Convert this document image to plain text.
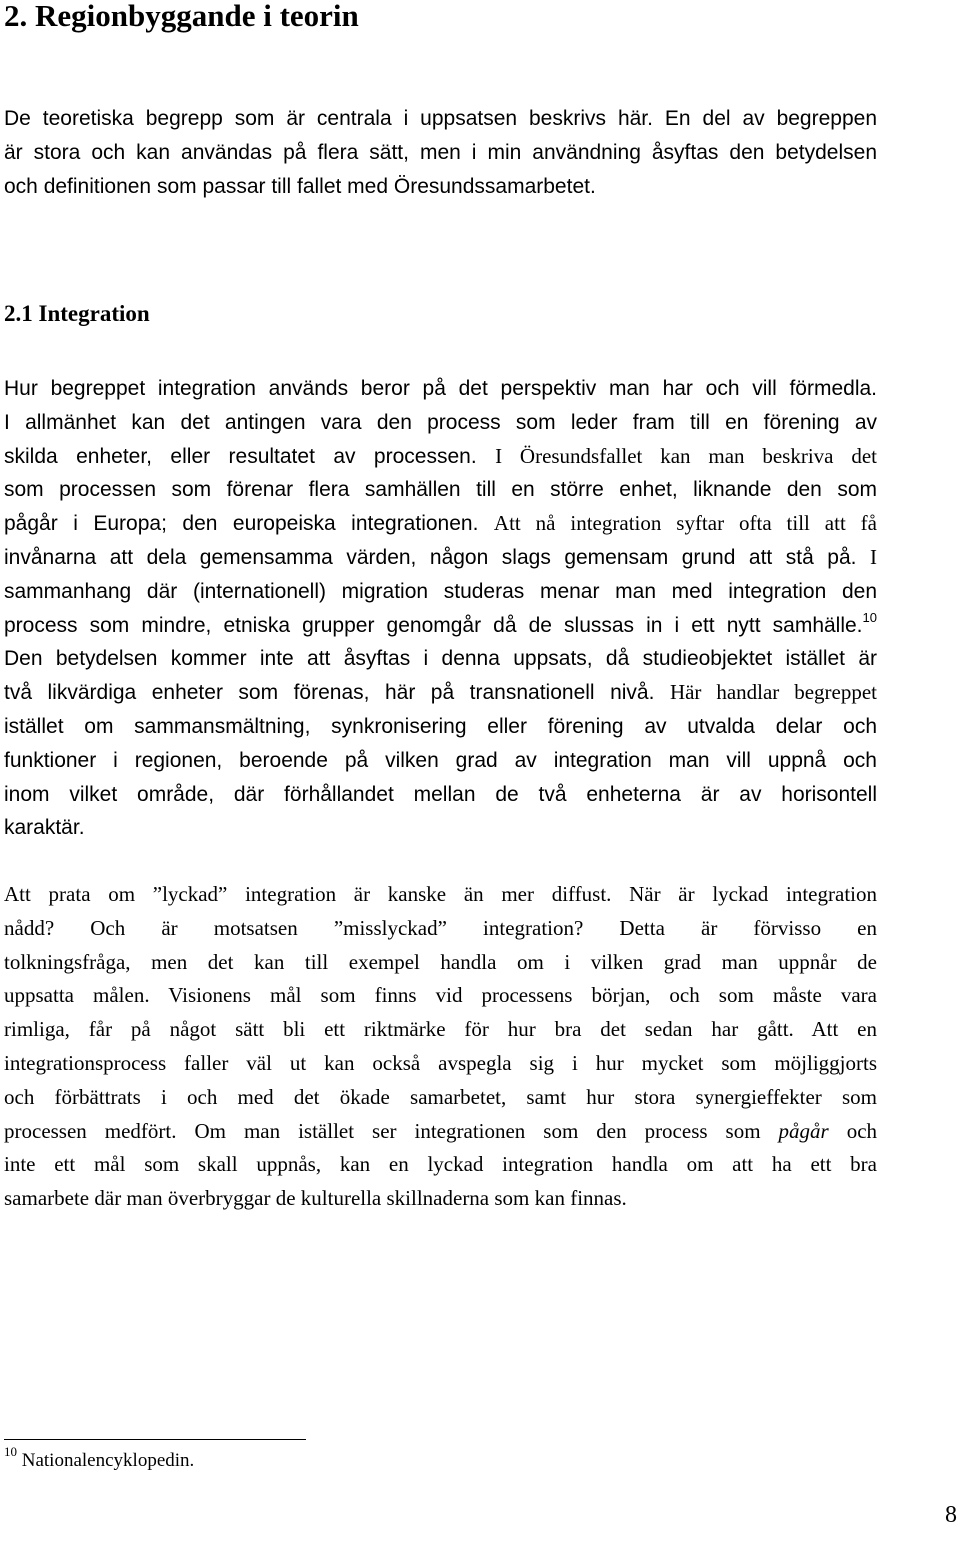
2. Regionbyggande i teorin

De teoretiska begrepp som är centrala i uppsatsen beskrivs här. En del av begreppen
är stora och kan användas på flera sätt, men i min användning åsyftas den betydelsen
och definitionen som passar till fallet med Öresundssamarbetet.

2.1 Integration

Hur begreppet integration används beror på det perspektiv man har och vill förmedla.
I allmänhet kan det antingen vara den process som leder fram till en förening av
skilda enheter, eller resultatet av processen. I Öresundsfallet kan man beskriva det
som processen som förenar flera samhällen till en större enhet, liknande den som
pågår i Europa; den europeiska integrationen. Att nå integration syftar ofta till att få
invånarna att dela gemensamma värden, någon slags gemensam grund att stå på. I
sammanhang där (internationell) migration studeras menar man med integration den
process som mindre, etniska grupper genomgår då de slussas in i ett nytt samhälle.$^{10}$
Den betydelsen kommer inte att åsyftas i denna uppsats, då studieobjektet istället är
två likvärdiga enheter som förenas, här på transnationell nivå. Här handlar begreppet
istället om sammansmältning, synkronisering eller förening av utvalda delar och
funktioner i regionen, beroende på vilken grad av integration man vill uppnå och
inom vilket område, där förhållandet mellan de två enheterna är av horisontell
karaktär.

Att prata om ”lyckad” integration är kanske än mer diffust. När är lyckad integration
nådd? Och är motsatsen ”misslyckad” integration? Detta är förvisso en
tolkningsfråga, men det kan till exempel handla om i vilken grad man uppnår de
uppsatta målen. Visionens mål som finns vid processens början, och som måste vara
rimliga, får på något sätt bli ett riktmärke för hur bra det sedan har gått. Att en
integrationsprocess faller väl ut kan också avspegla sig i hur mycket som möjliggjorts
och förbättrats i och med det ökade samarbetet, samt hur stora synergieffekter som
processen medfört. Om man istället ser integrationen som den process som pågår och
inte ett mål som skall uppnås, kan en lyckad integration handla om att ha ett bra
samarbete där man överbryggar de kulturella skillnaderna som kan finnas.

$^{10}$ Nationalencyklopedin.

8
